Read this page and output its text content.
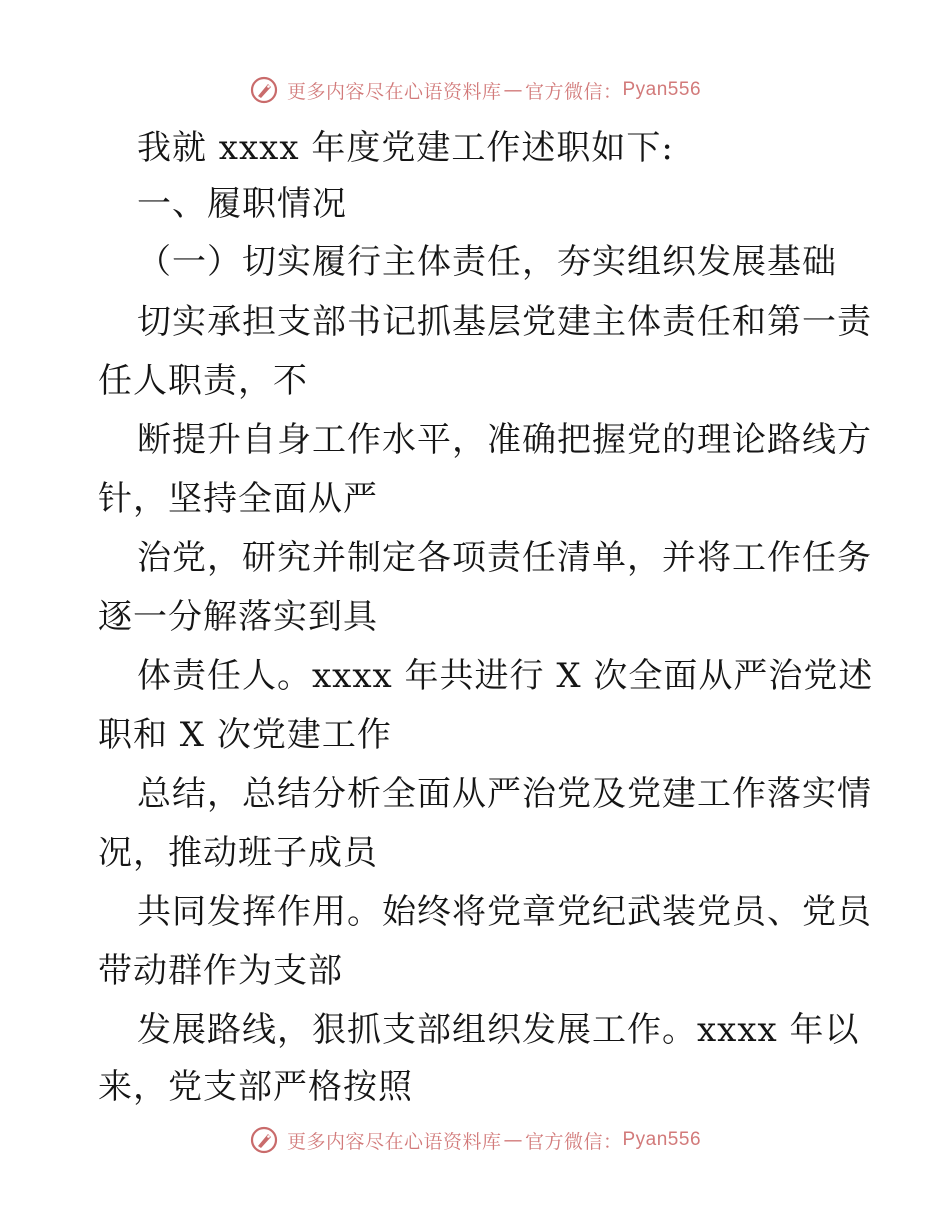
更多内容尽在心语资料库 — 官方微信： Pyan556
我就 xxxx 年度党建工作述职如下:
一、履职情况
（一）切实履行主体责任，夯实组织发展基础
切实承担支部书记抓基层党建主体责任和第一责
任人职责，不
断提升自身工作水平，准确把握党的理论路线方
针，坚持全面从严
治党，研究并制定各项责任清单，并将工作任务
逐一分解落实到具
体责任人。xxxx 年共进行 X 次全面从严治党述
职和 X 次党建工作
总结，总结分析全面从严治党及党建工作落实情
况，推动班子成员
共同发挥作用。始终将党章党纪武装党员、党员
带动群作为支部
发展路线，狠抓支部组织发展工作。xxxx 年以
来，党支部严格按照
更多内容尽在心语资料库 — 官方微信： Pyan556
